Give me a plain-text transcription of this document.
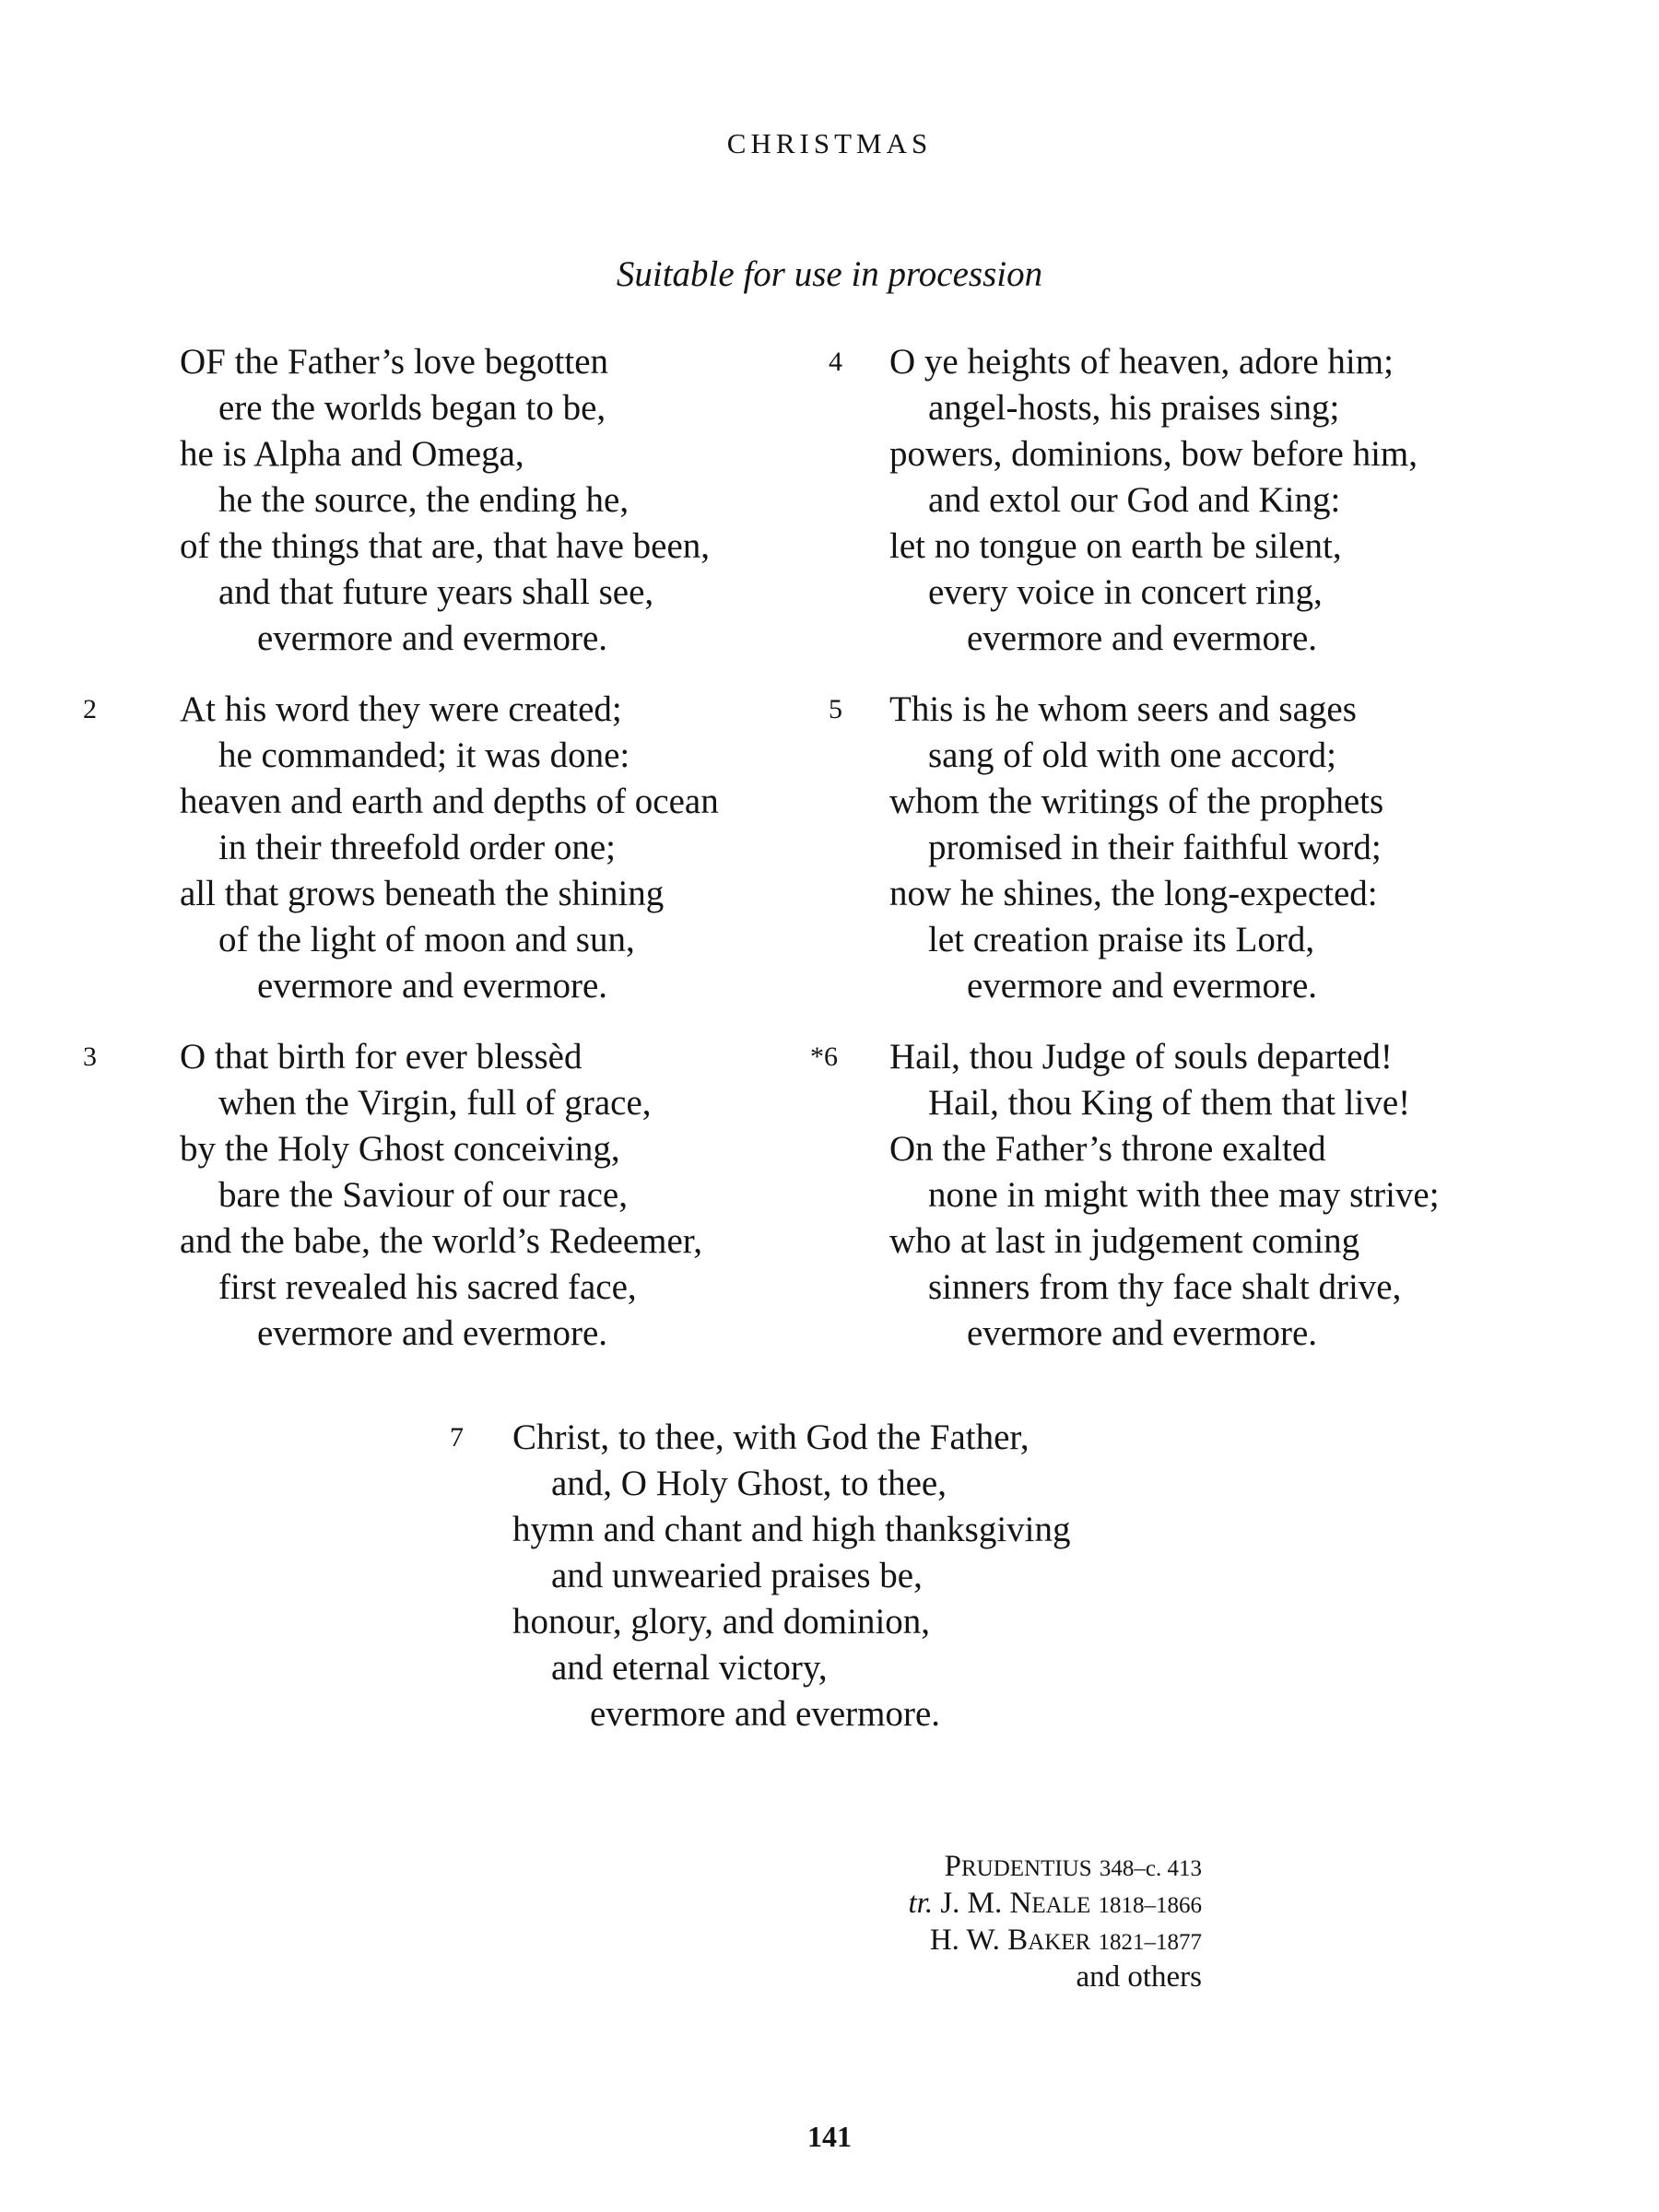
CHRISTMAS
Suitable for use in procession
OF the Father’s love begotten
ere the worlds began to be,
he is Alpha and Omega,
he the source, the ending he,
of the things that are, that have been,
and that future years shall see,
evermore and evermore.
2 At his word they were created;
he commanded; it was done:
heaven and earth and depths of ocean
in their threefold order one;
all that grows beneath the shining
of the light of moon and sun,
evermore and evermore.
3 O that birth for ever blessèd
when the Virgin, full of grace,
by the Holy Ghost conceiving,
bare the Saviour of our race,
and the babe, the world’s Redeemer,
first revealed his sacred face,
evermore and evermore.
4 O ye heights of heaven, adore him;
angel-hosts, his praises sing;
powers, dominions, bow before him,
and extol our God and King:
let no tongue on earth be silent,
every voice in concert ring,
evermore and evermore.
5 This is he whom seers and sages
sang of old with one accord;
whom the writings of the prophets
promised in their faithful word;
now he shines, the long-expected:
let creation praise its Lord,
evermore and evermore.
*6 Hail, thou Judge of souls departed!
Hail, thou King of them that live!
On the Father’s throne exalted
none in might with thee may strive;
who at last in judgement coming
sinners from thy face shalt drive,
evermore and evermore.
7 Christ, to thee, with God the Father,
and, O Holy Ghost, to thee,
hymn and chant and high thanksgiving
and unwearied praises be,
honour, glory, and dominion,
and eternal victory,
evermore and evermore.
PRUDENTIUS 348–c. 413
tr. J. M. NEALE 1818–1866
H. W. BAKER 1821–1877
and others
141
